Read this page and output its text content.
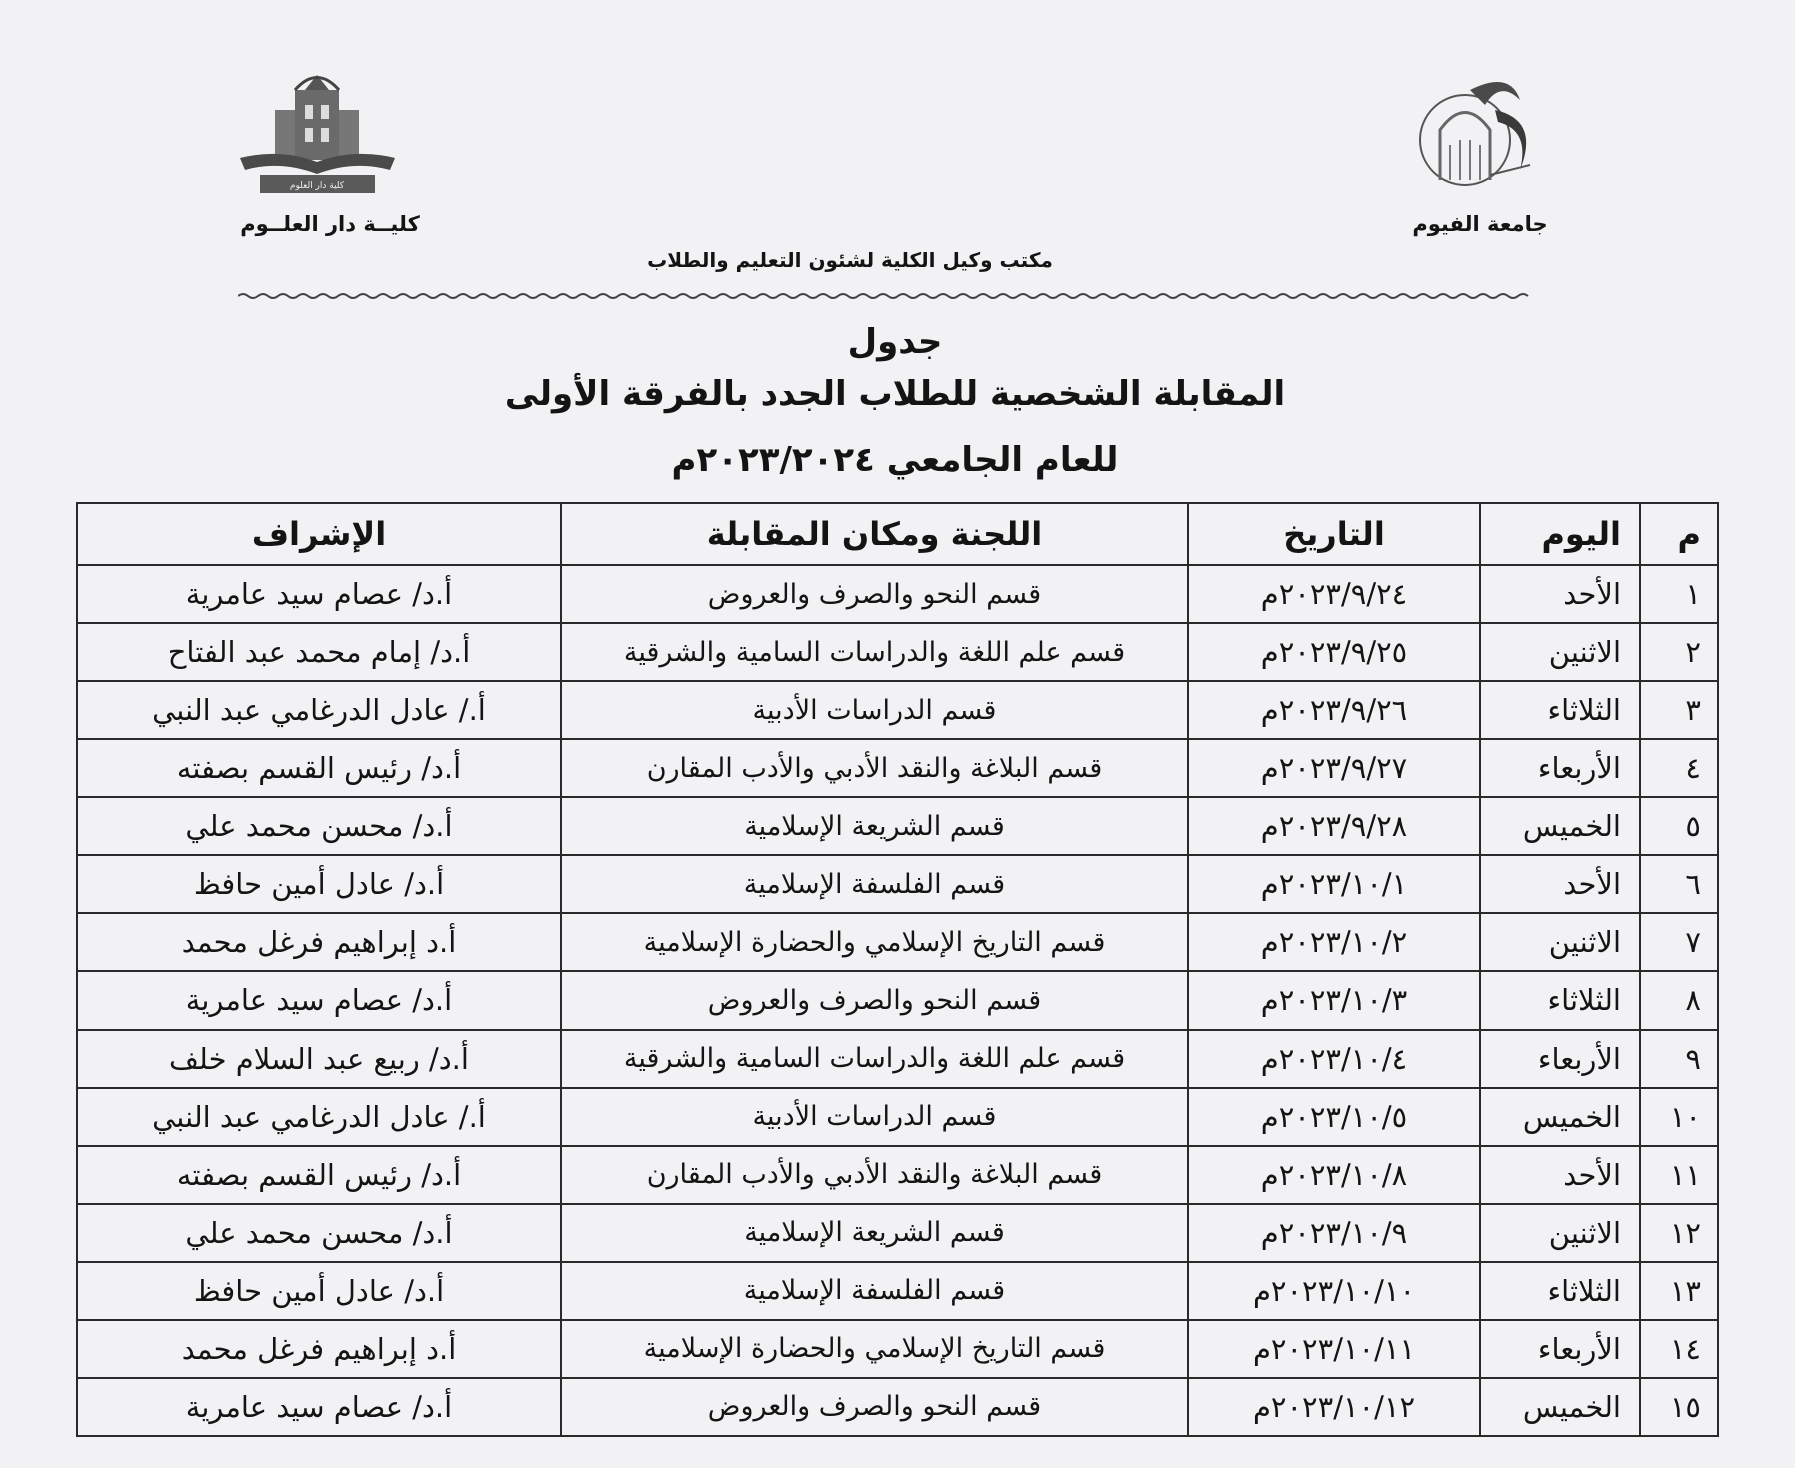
كلية دار العلوم
جامعة الفيوم
كليــة دار العلــوم
مكتب وكيل الكلية لشئون التعليم والطلاب
جدول
المقابلة الشخصية للطلاب الجدد بالفرقة الأولى
للعام الجامعي ٢٠٢٣/٢٠٢٤م
م	اليوم	التاريخ	اللجنة ومكان المقابلة	الإشراف
١	الأحد	٢٠٢٣/٩/٢٤م	قسم النحو والصرف والعروض	أ.د/ عصام سيد عامرية
٢	الاثنين	٢٠٢٣/٩/٢٥م	قسم علم اللغة والدراسات السامية والشرقية	أ.د/ إمام محمد عبد الفتاح
٣	الثلاثاء	٢٠٢٣/٩/٢٦م	قسم الدراسات الأدبية	أ./ عادل الدرغامي عبد النبي
٤	الأربعاء	٢٠٢٣/٩/٢٧م	قسم البلاغة والنقد الأدبي والأدب المقارن	أ.د/ رئيس القسم بصفته
٥	الخميس	٢٠٢٣/٩/٢٨م	قسم الشريعة الإسلامية	أ.د/ محسن محمد علي
٦	الأحد	٢٠٢٣/١٠/١م	قسم الفلسفة الإسلامية	أ.د/ عادل أمين حافظ
٧	الاثنين	٢٠٢٣/١٠/٢م	قسم التاريخ الإسلامي والحضارة الإسلامية	أ.د إبراهيم فرغل محمد
٨	الثلاثاء	٢٠٢٣/١٠/٣م	قسم النحو والصرف والعروض	أ.د/ عصام سيد عامرية
٩	الأربعاء	٢٠٢٣/١٠/٤م	قسم علم اللغة والدراسات السامية والشرقية	أ.د/ ربيع عبد السلام خلف
١٠	الخميس	٢٠٢٣/١٠/٥م	قسم الدراسات الأدبية	أ./ عادل الدرغامي عبد النبي
١١	الأحد	٢٠٢٣/١٠/٨م	قسم البلاغة والنقد الأدبي والأدب المقارن	أ.د/ رئيس القسم بصفته
١٢	الاثنين	٢٠٢٣/١٠/٩م	قسم الشريعة الإسلامية	أ.د/ محسن محمد علي
١٣	الثلاثاء	٢٠٢٣/١٠/١٠م	قسم الفلسفة الإسلامية	أ.د/ عادل أمين حافظ
١٤	الأربعاء	٢٠٢٣/١٠/١١م	قسم التاريخ الإسلامي والحضارة الإسلامية	أ.د إبراهيم فرغل محمد
١٥	الخميس	٢٠٢٣/١٠/١٢م	قسم النحو والصرف والعروض	أ.د/ عصام سيد عامرية
